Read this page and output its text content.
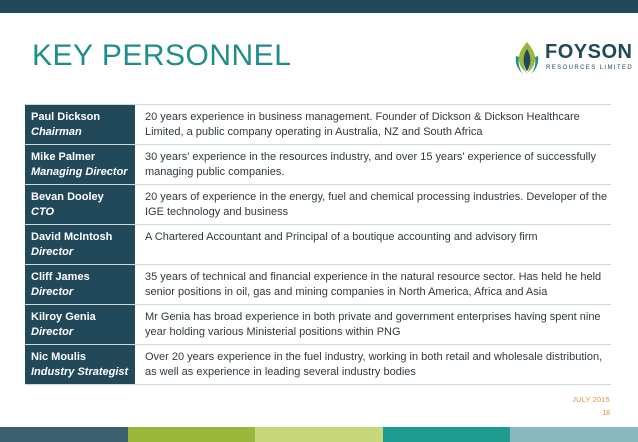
KEY PERSONNEL	FOYSON
RESOURCES LIMITED
Paul Dickson
Chairman
20 years experience in business management. Founder of Dickson & Dickson Healthcare Limited, a public company operating in Australia, NZ and South Africa
Mike Palmer
Managing Director
30 years' experience in the resources industry, and over 15 years' experience of successfully managing public companies.
Bevan Dooley
CTO
20 years of experience in the energy, fuel and chemical processing industries. Developer of the IGE technology and business
David McIntosh
Director
A Chartered Accountant and Principal of a boutique accounting and advisory firm
Cliff James
Director
35 years of technical and financial experience in the natural resource sector. Has held he held senior positions in oil, gas and mining companies in North America, Africa and Asia
Kilroy Genia
Director
Mr Genia has broad experience in both private and government enterprises having spent nine year holding various Ministerial positions within PNG
Nic Moulis
Industry Strategist
Over 20 years experience in the fuel industry, working in both retail and wholesale distribution, as well as experience in leading several industry bodies
JULY 2015
18
